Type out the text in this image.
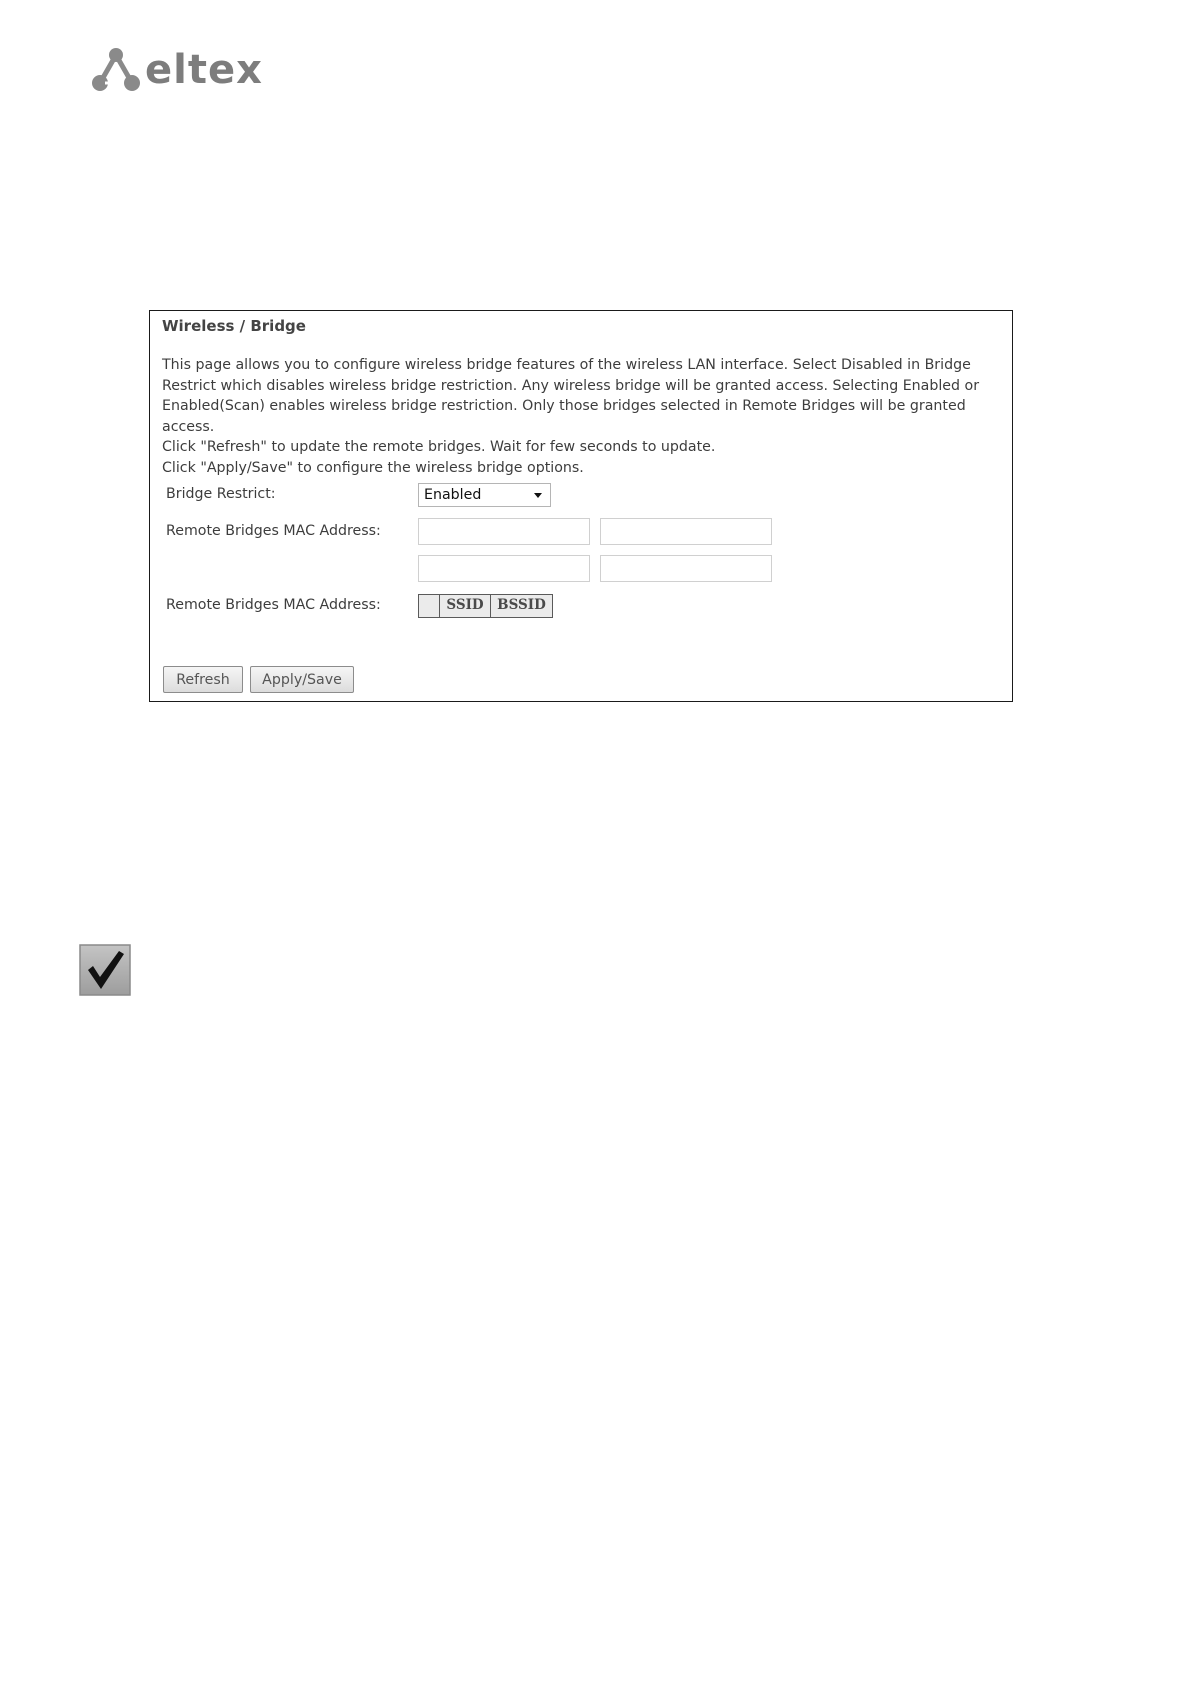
eltex
Wireless / Bridge

This page allows you to configure wireless bridge features of the wireless LAN interface. Select Disabled in Bridge Restrict which disables wireless bridge restriction. Any wireless bridge will be granted access. Selecting Enabled or Enabled(Scan) enables wireless bridge restriction. Only those bridges selected in Remote Bridges will be granted access.

Click "Refresh" to update the remote bridges. Wait for few seconds to update.

Click "Apply/Save" to configure the wireless bridge options.

Bridge Restrict:	Enabled
Remote Bridges MAC Address:
Remote Bridges MAC Address:	SSID	BSSID
Refresh	Apply/Save
